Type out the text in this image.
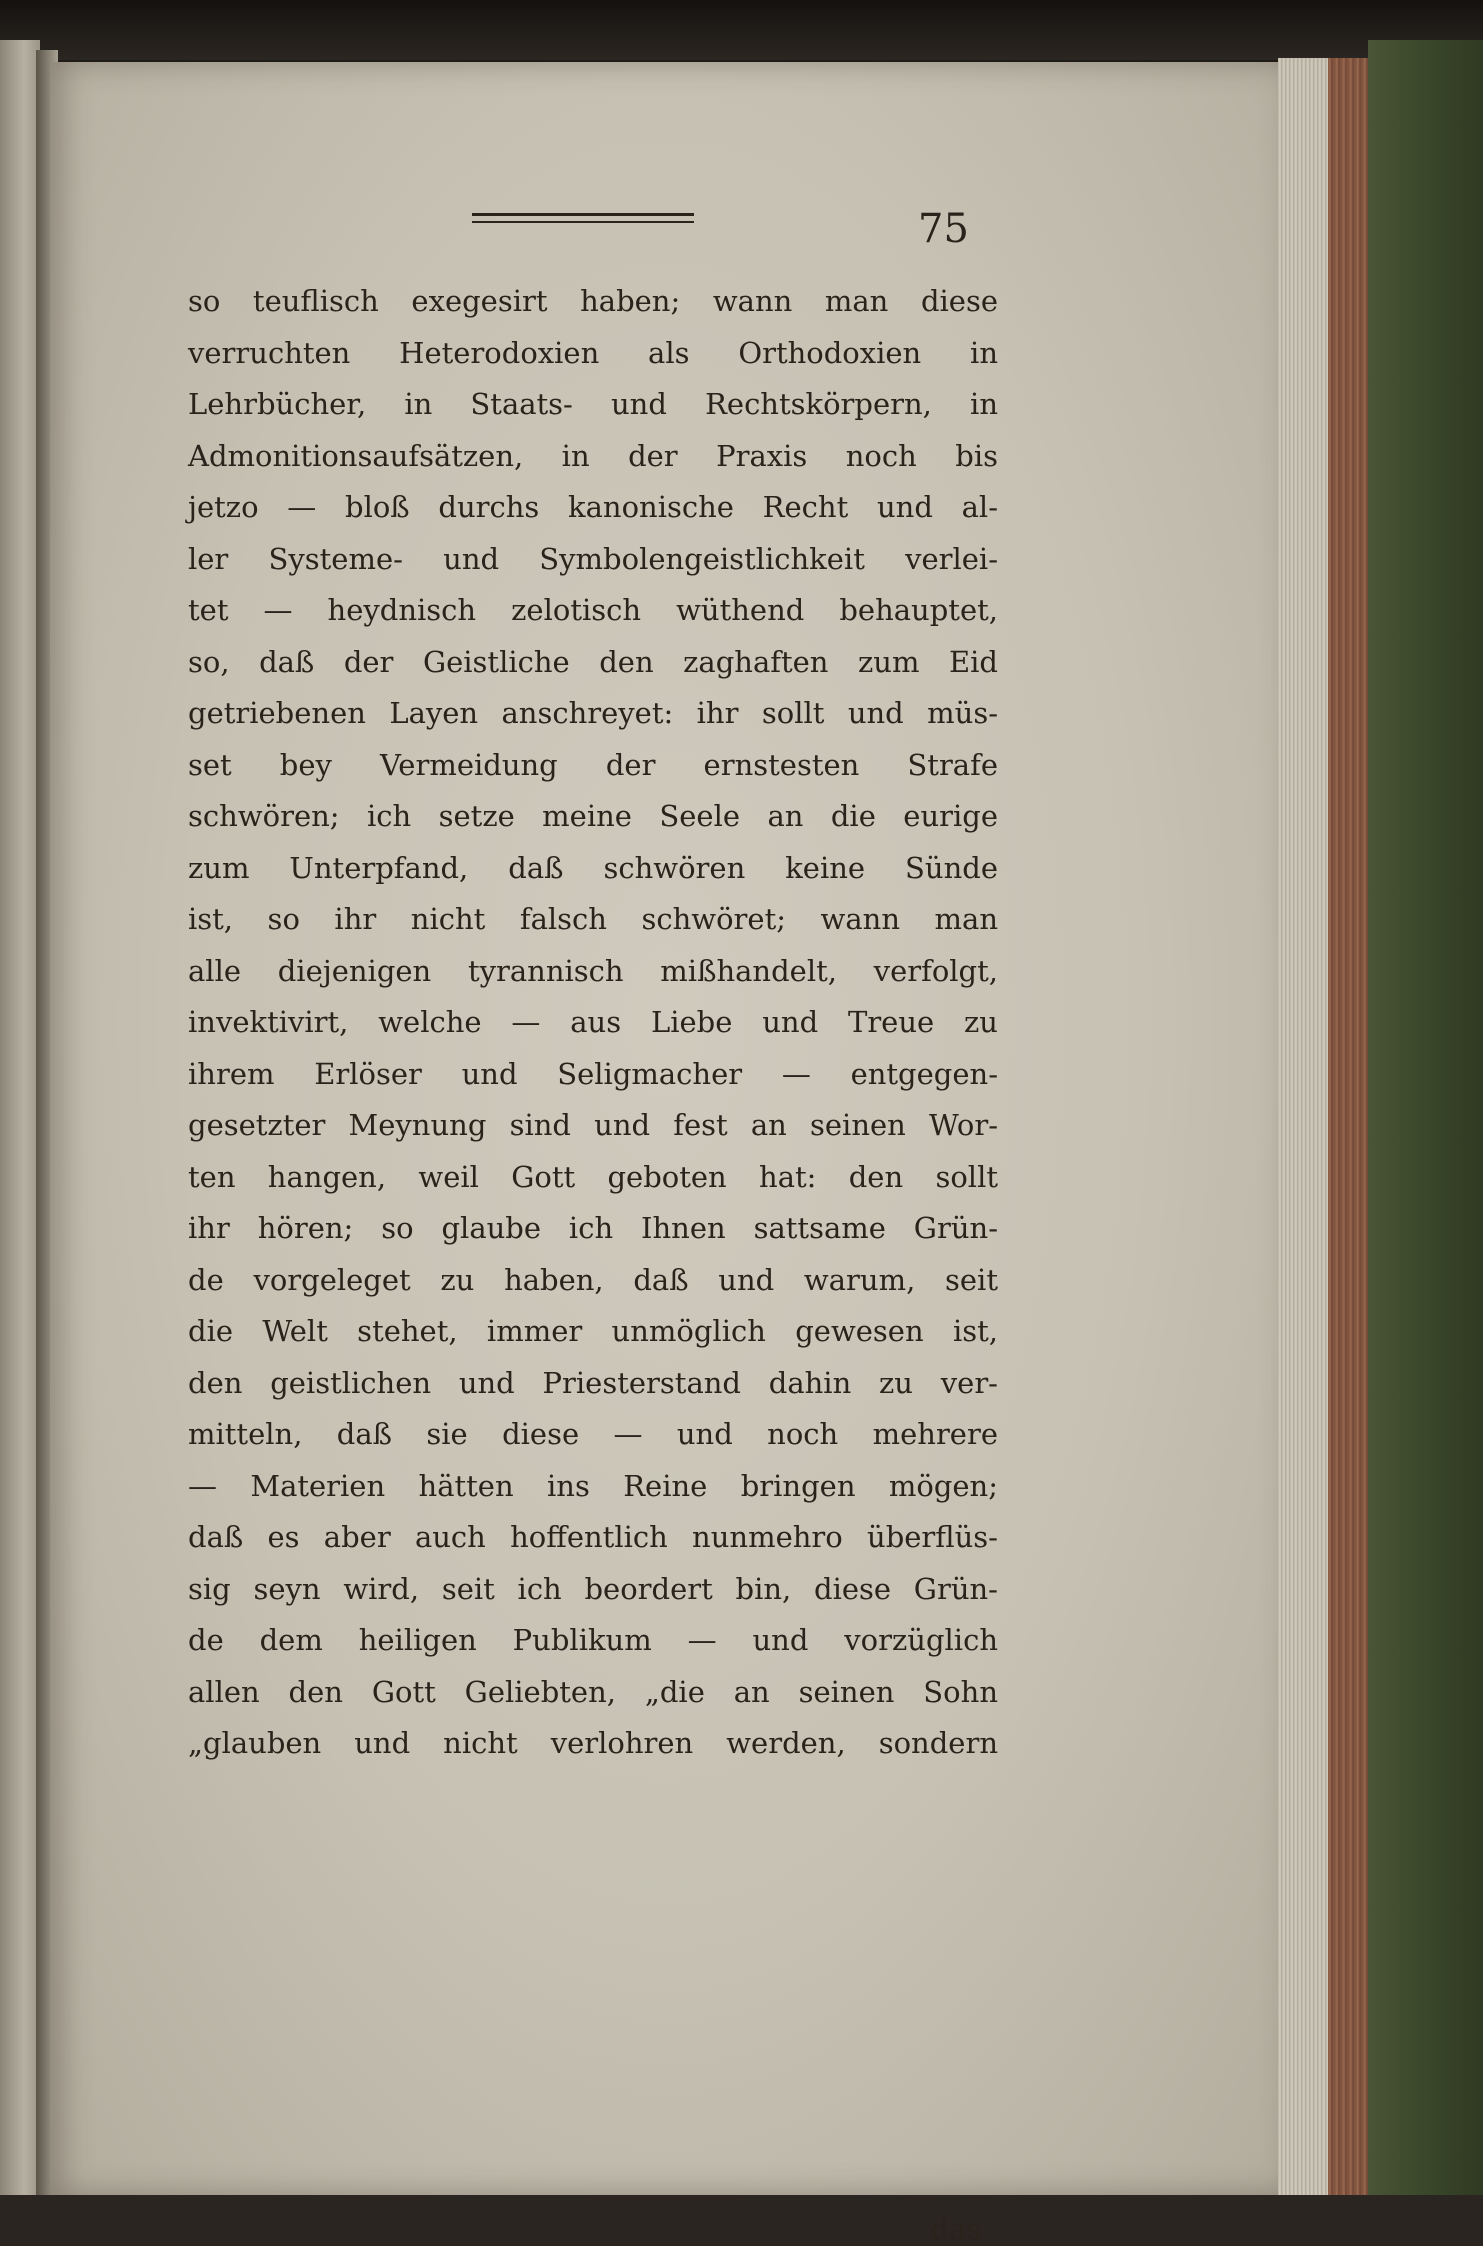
75
so teuflisch exegesirt haben; wann man diese
verruchten Heterodoxien als Orthodoxien in
Lehrbücher, in Staats- und Rechtskörpern, in
Admonitionsaufsätzen, in der Praxis noch bis
jetzo — bloß durchs kanonische Recht und al-
ler Systeme- und Symbolengeistlichkeit verlei-
tet — heydnisch zelotisch wüthend behauptet,
so, daß der Geistliche den zaghaften zum Eid
getriebenen Layen anschreyet: ihr sollt und müs-
set bey Vermeidung der ernstesten Strafe
schwören; ich setze meine Seele an die eurige
zum Unterpfand, daß schwören keine Sünde
ist, so ihr nicht falsch schwöret; wann man
alle diejenigen tyrannisch mißhandelt, verfolgt,
invektivirt, welche — aus Liebe und Treue zu
ihrem Erlöser und Seligmacher — entgegen-
gesetzter Meynung sind und fest an seinen Wor-
ten hangen, weil Gott geboten hat: den sollt
ihr hören; so glaube ich Ihnen sattsame Grün-
de vorgeleget zu haben, daß und warum, seit
die Welt stehet, immer unmöglich gewesen ist,
den geistlichen und Priesterstand dahin zu ver-
mitteln, daß sie diese — und noch mehrere
— Materien hätten ins Reine bringen mögen;
daß es aber auch hoffentlich nunmehro überflüs-
sig seyn wird, seit ich beordert bin, diese Grün-
de dem heiligen Publikum — und vorzüglich
allen den Gott Geliebten, „die an seinen Sohn
„glauben und nicht verlohren werden, sondern
das
